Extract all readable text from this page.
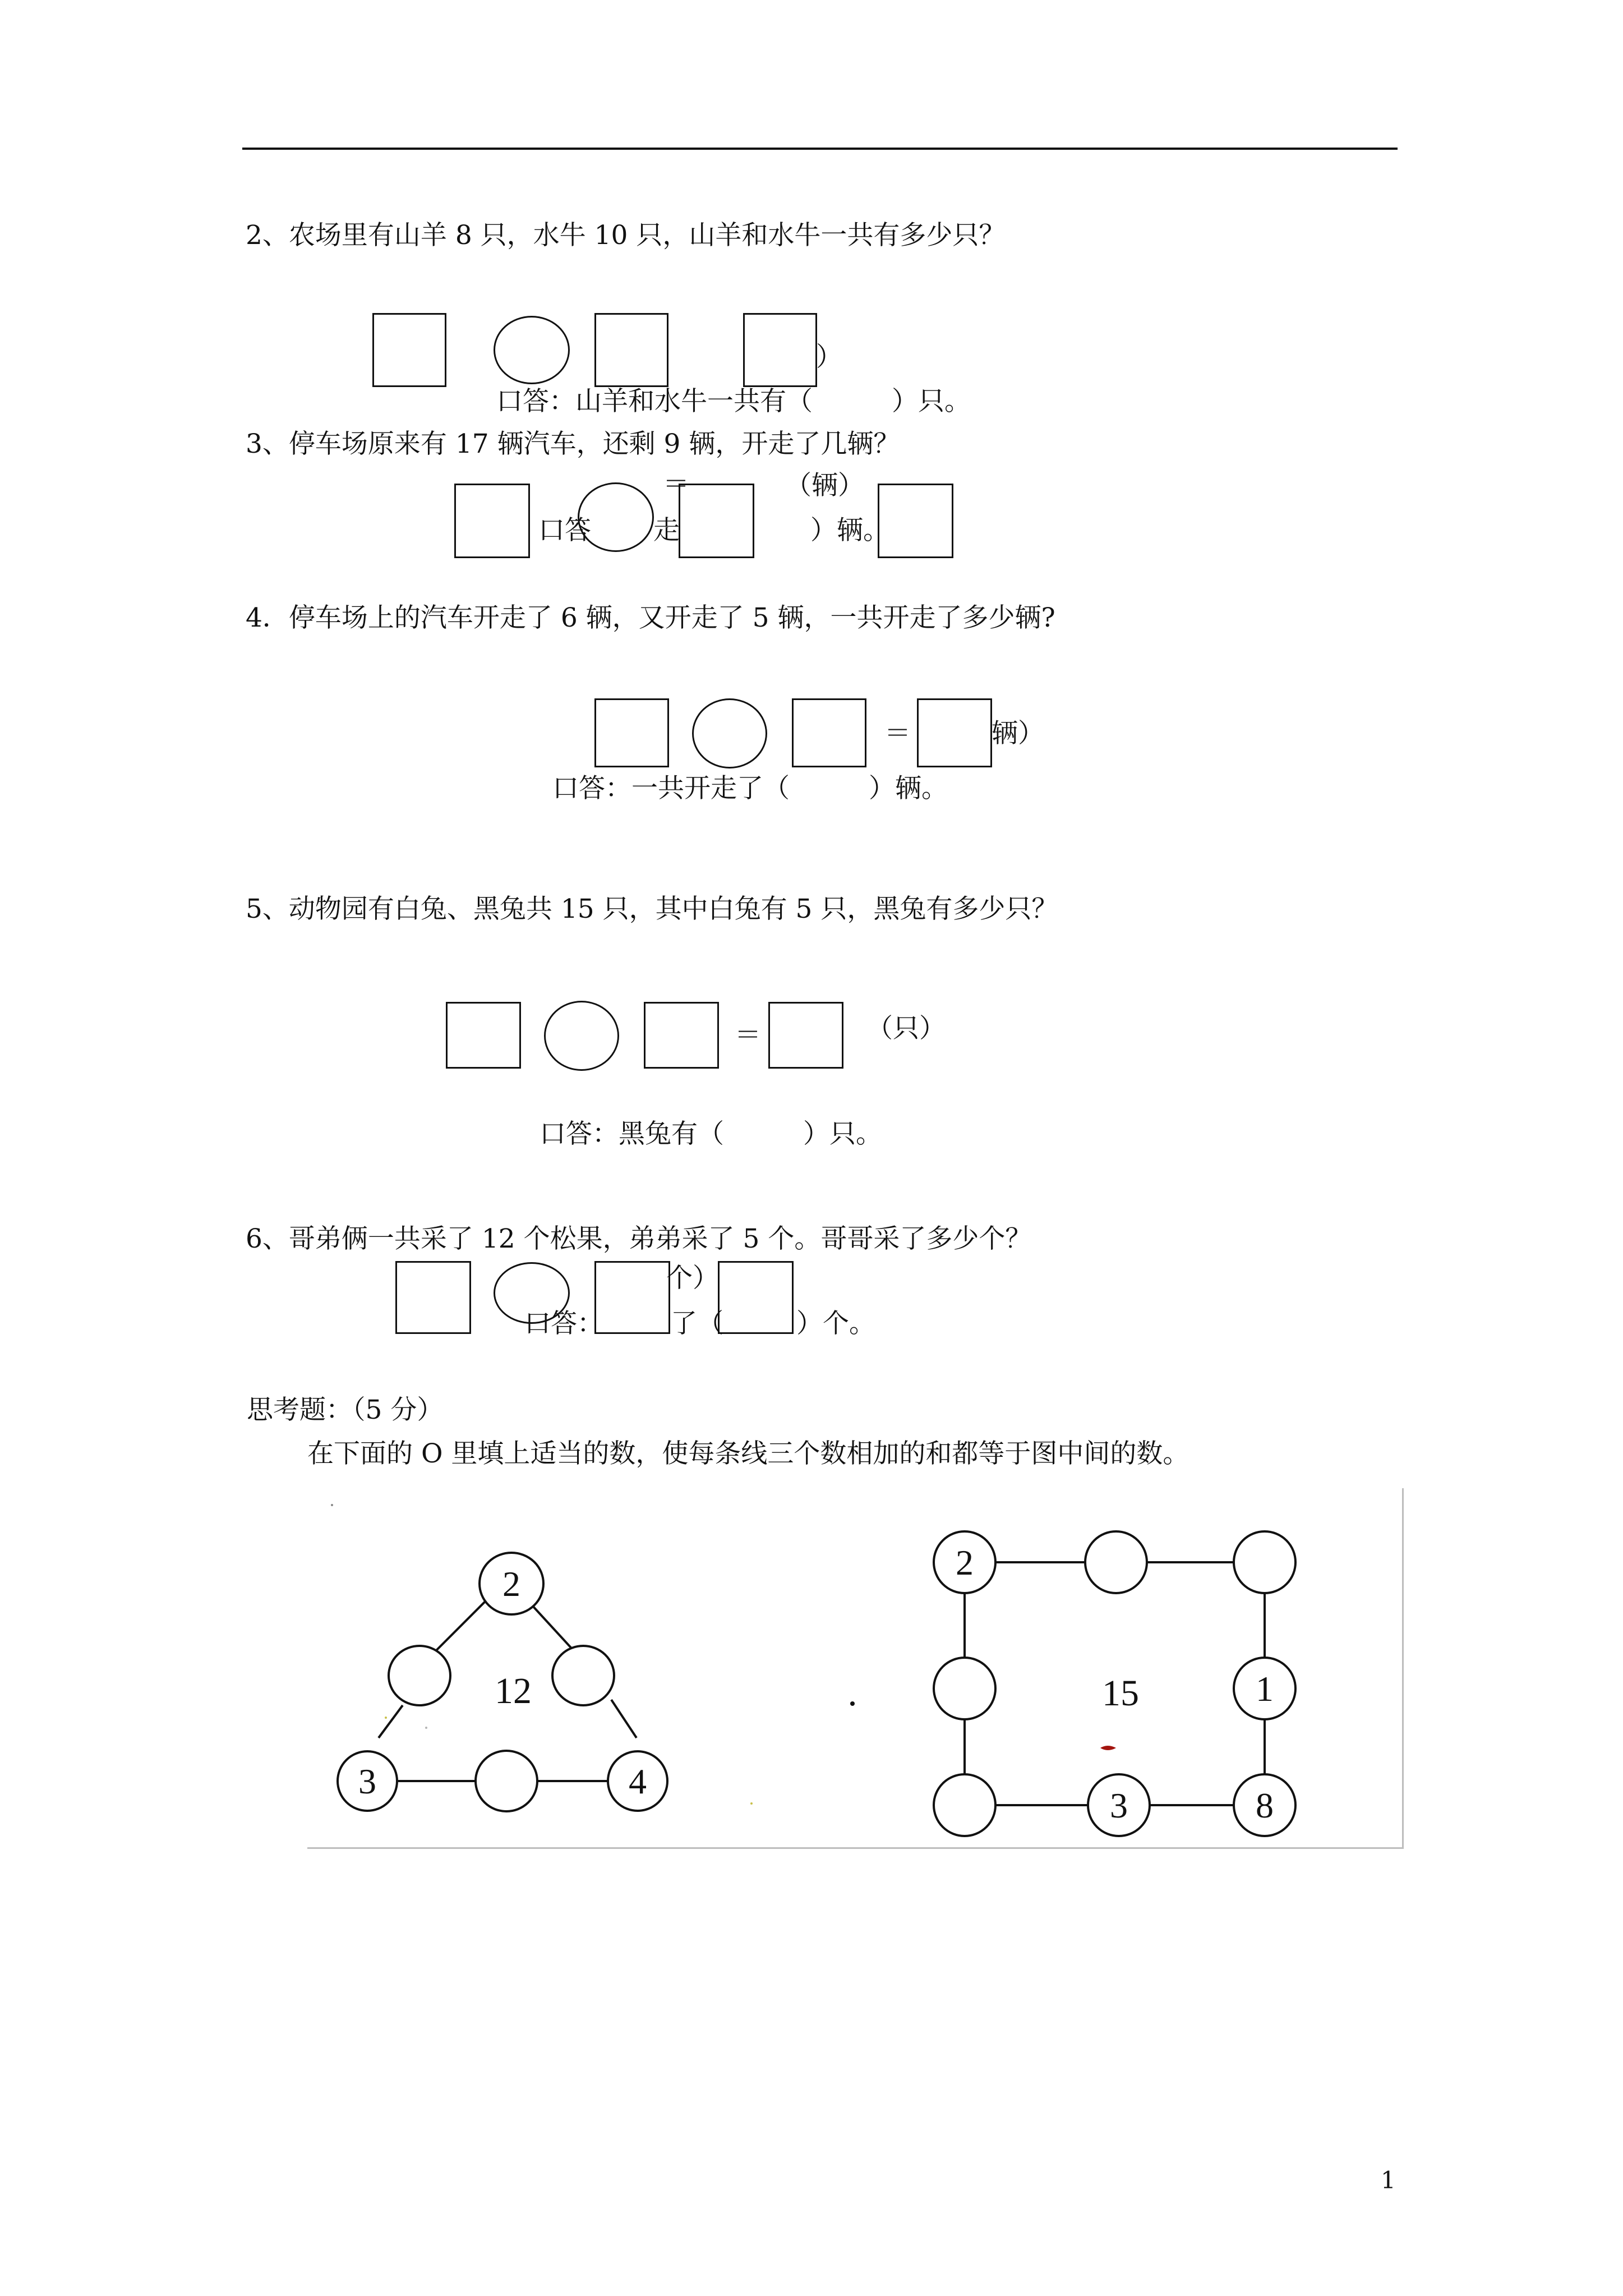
2、农场里有山羊 8 只，水牛 10 只，山羊和水牛一共有多少只？
）
口答：山羊和水牛一共有（　　　）只。
3、停车场原来有 17 辆汽车，还剩 9 辆，开走了几辆？
＝	（辆）
口答 走	）辆。
4．停车场上的汽车开走了 6 辆，又开走了 5 辆，一共开走了多少辆?
＝	辆）
口答：一共开走了（　　　）辆。
5、动物园有白兔、黑兔共 15 只，其中白兔有 5 只，黑兔有多少只？
＝	（只）
口答：黑兔有（　　　）只。
6、哥弟俩一共采了 12 个松果，弟弟采了 5 个。哥哥采了多少个？
个）
口答：	了（	）个。
思考题：（5 分）
在下面的 O 里填上适当的数，使每条线三个数相加的和都等于图中间的数。
2
3	4
12
2
1
3	8
15
1
